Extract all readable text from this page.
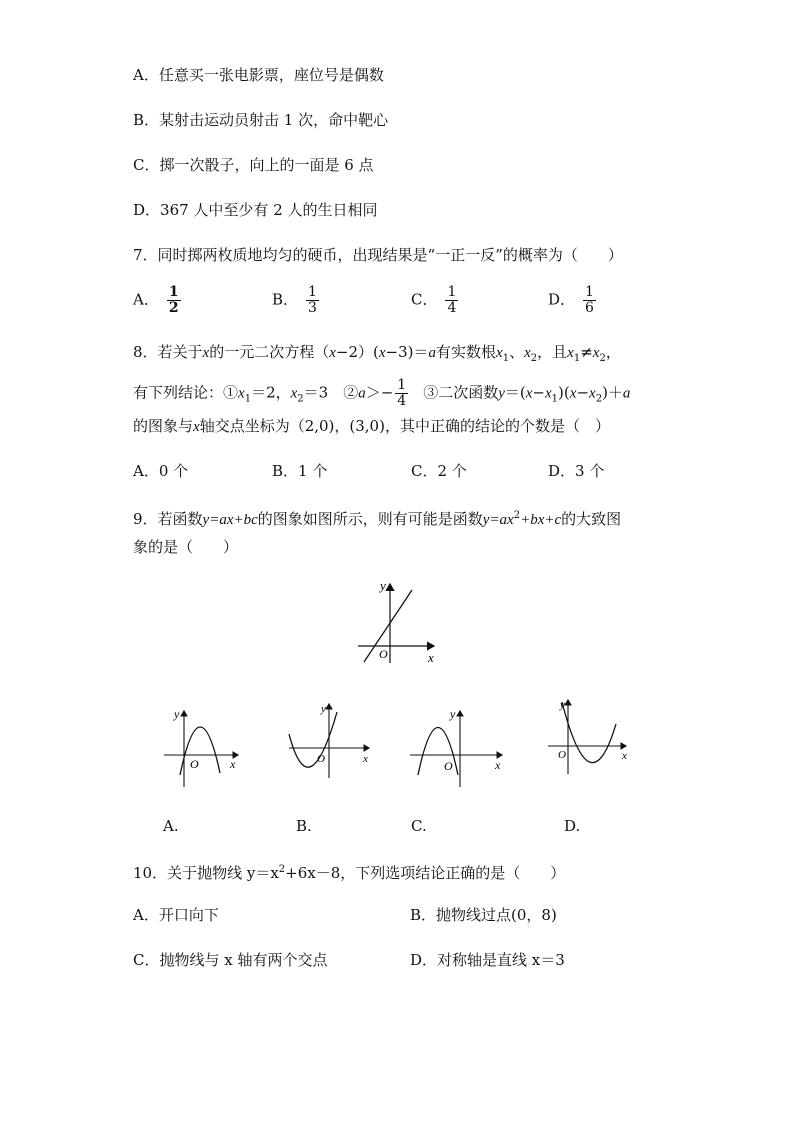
A．任意买一张电影票，座位号是偶数
B．某射击运动员射击 1 次，命中靶心
C．掷一次骰子，向上的一面是 6 点
D．367 人中至少有 2 人的生日相同
7．同时掷两枚质地均匀的硬币，出现结果是“一正一反”的概率为（　　）
A． $\frac{1}{2}$	B． $\frac{1}{3}$	C． $\frac{1}{4}$	D． $\frac{1}{6}$
8．若关于x的一元二次方程（x−2）(x−3)＝a有实数根$x_1$、$x_2$，且$x_1\ne x_2$，
有下列结论：$①x_1=2$，$x_2=3$　②a＞− $\frac{1}{4}$ 　③二次函数$y=(x-x_1)(x-x_2)+a$
的图象与x轴交点坐标为（2,0)，(3,0)，其中正确的结论的个数是（　）
A．0 个	B．1 个	C．2 个	D．3 个
9．若函数y=ax+bc的图象如图所示，则有可能是函数$y=ax^2+bx+c$的大致图
象的是（　　）
x
y
O
x
y
O	x
y
O	x
y
O
x
y
O
A.	B.	C.	D.
10．关于抛物线 $y=x^2+6x-8$，下列选项结论正确的是（　　）
A．开口向下	B．抛物线过点(0，8)
C．抛物线与 x 轴有两个交点	D．对称轴是直线 x＝3
